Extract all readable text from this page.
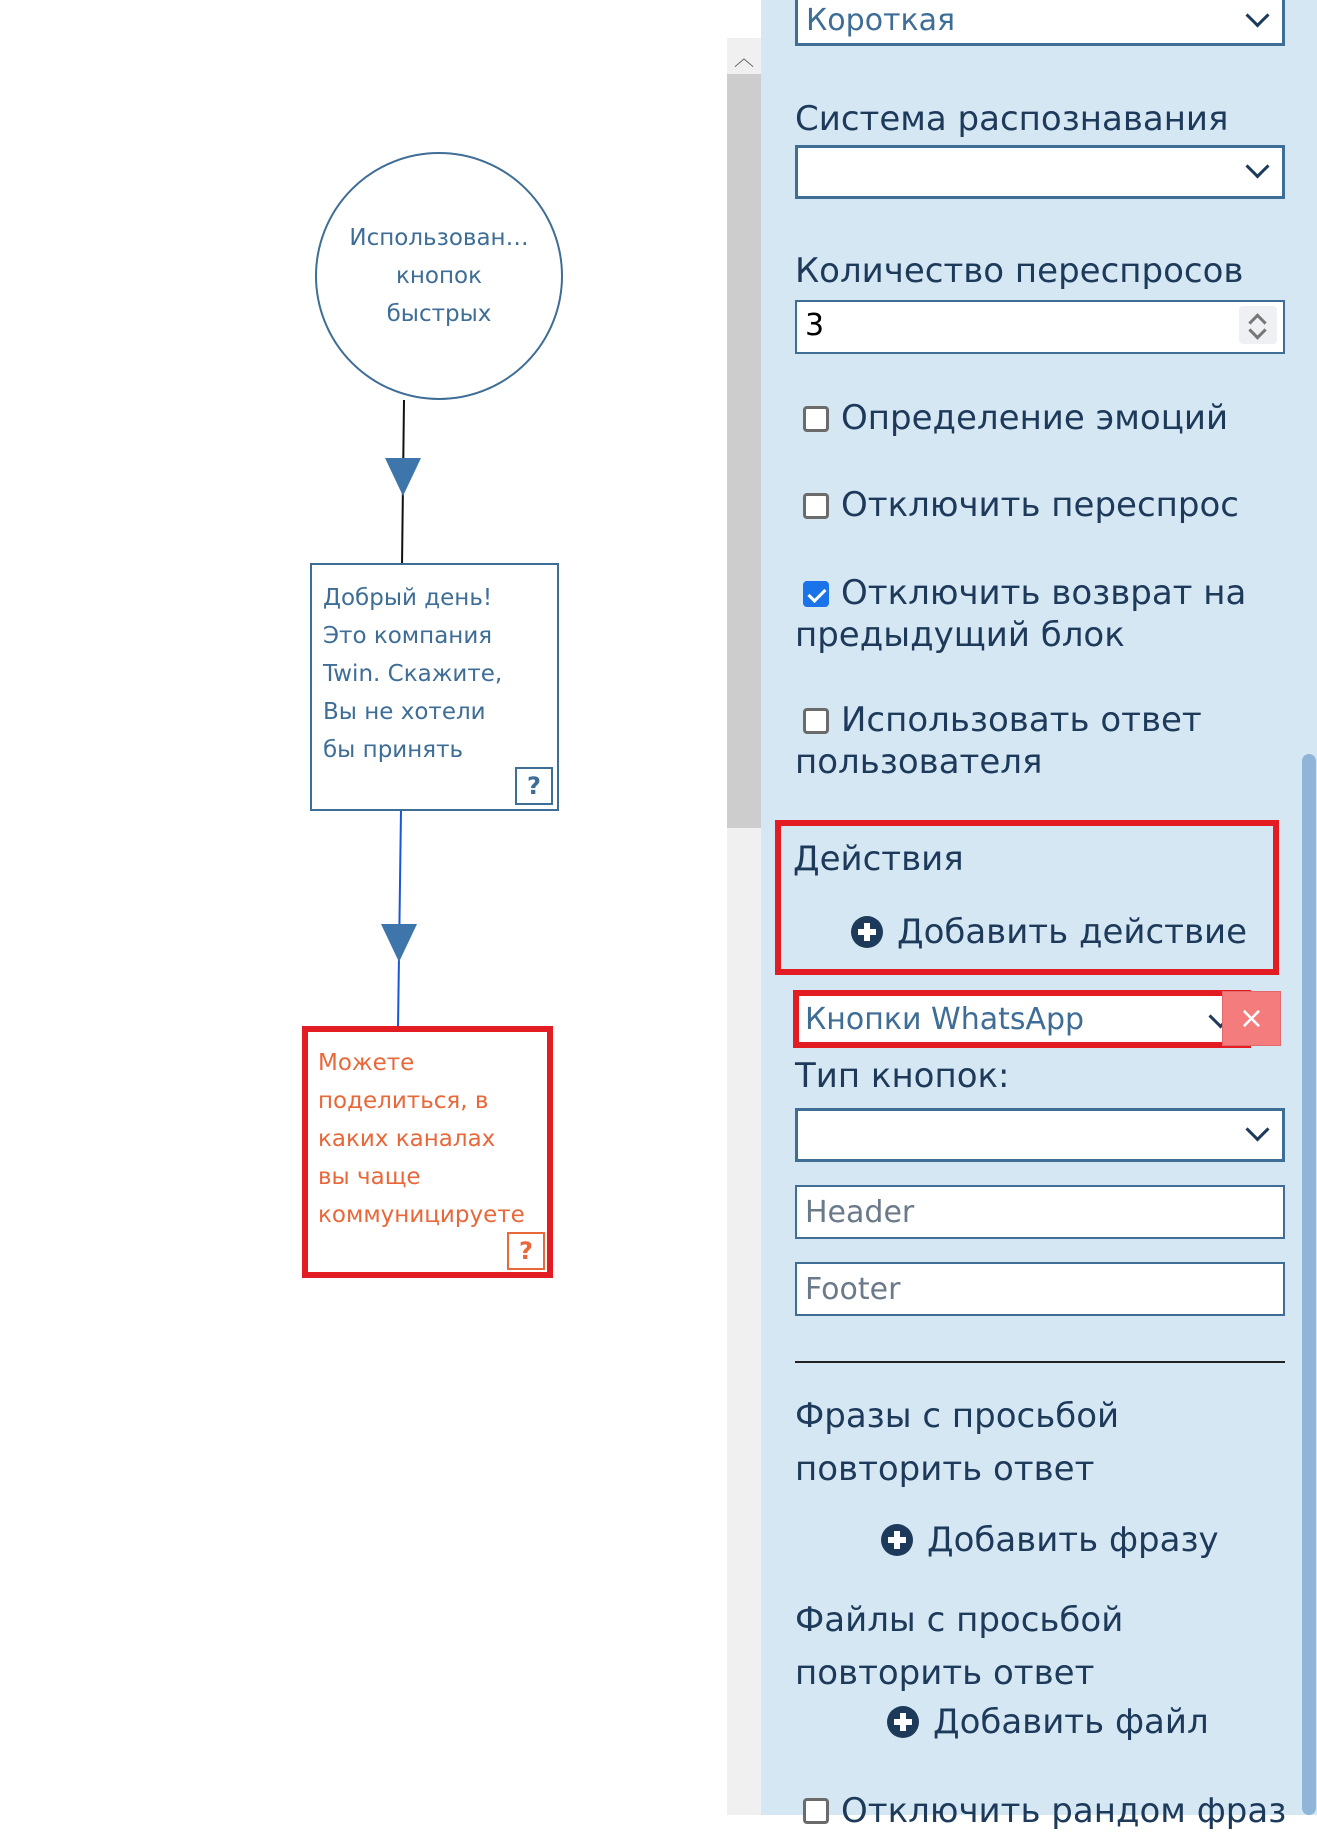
Использован…
кнопок
быстрых
Добрый день!
Это компания
Twin. Скажите,
Вы не хотели
бы принять
?
Можете
поделиться, в
каких каналах
вы чаще
коммуницируете
?
︿
Короткая
Система распознавания
Количество переспросов
3
Определение эмоций
Отключить переспрос
Отключить возврат на предыдущий блок
Использовать ответ пользователя
Действия
Добавить действие
Кнопки WhatsApp	×
Тип кнопок:
Header
Footer
Фразы с просьбой повторить ответ
Добавить фразу
Файлы с просьбой повторить ответ
Добавить файл
Отключить рандом фраз
